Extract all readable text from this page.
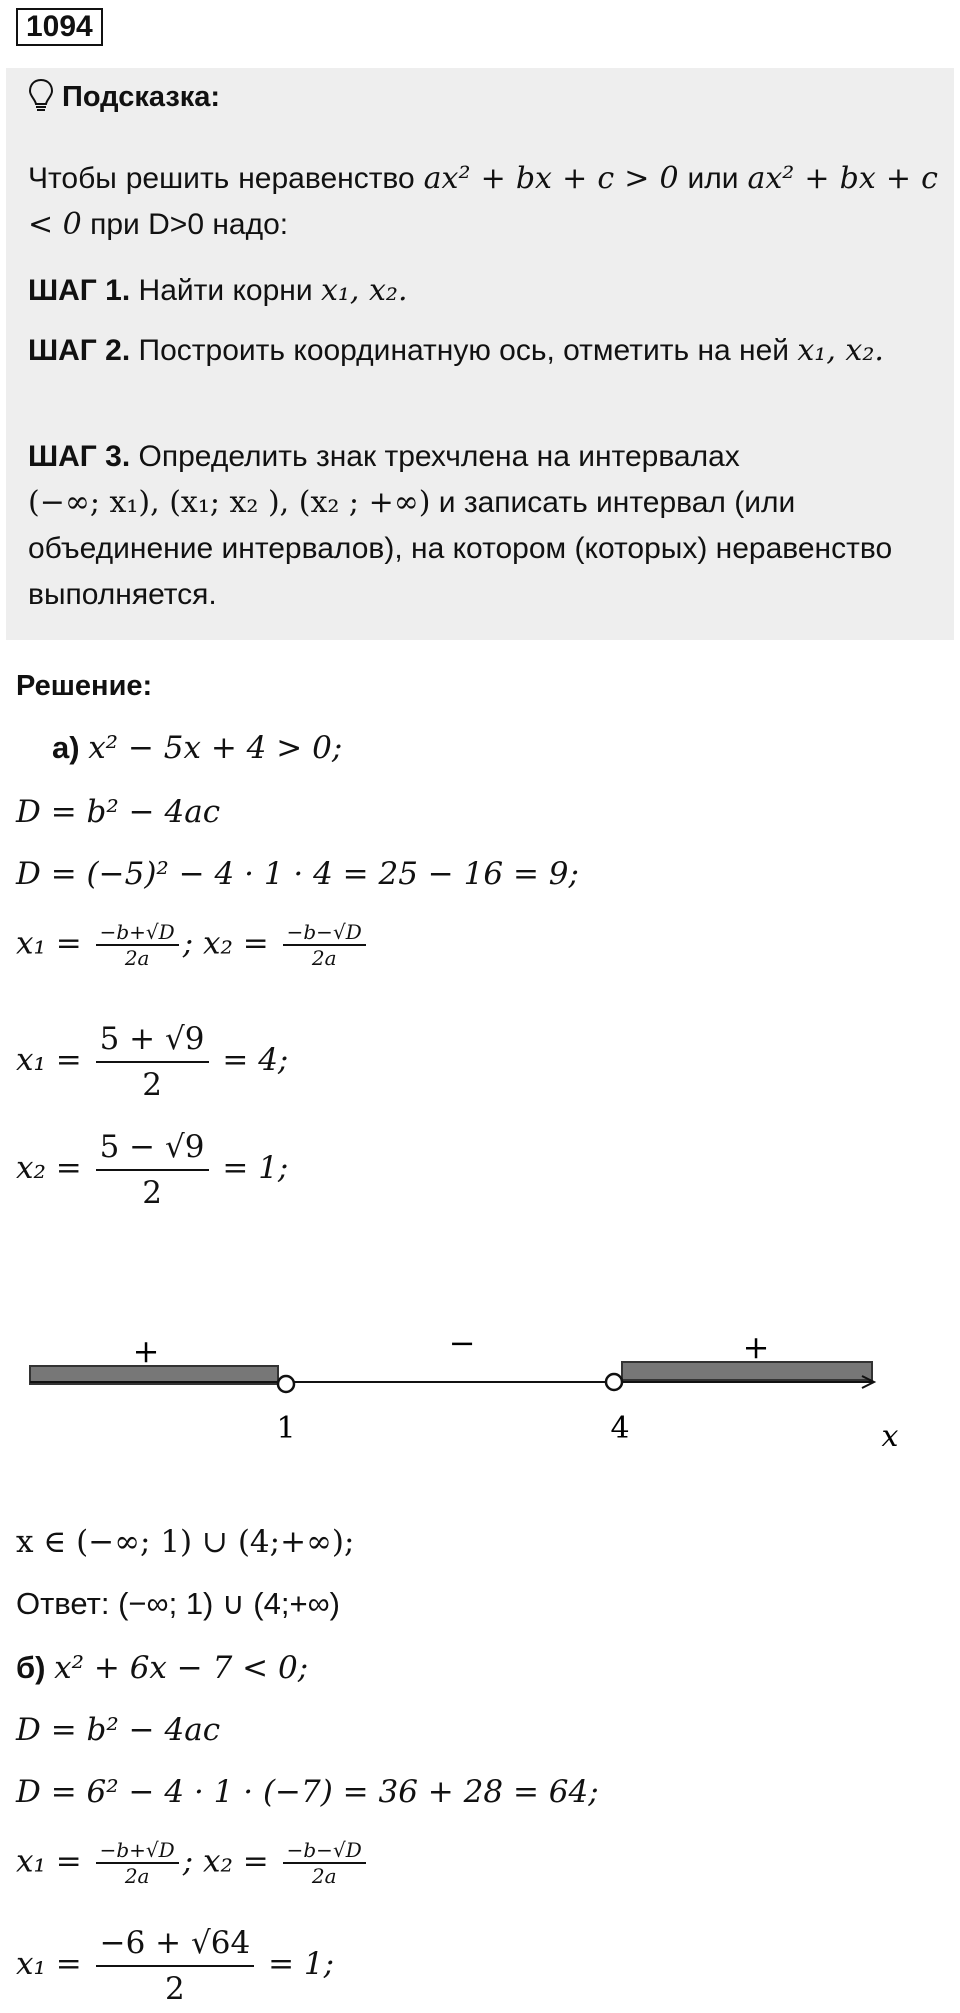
1094
Подсказка:
Чтобы решить неравенство ax² + bx + c > 0 или ax² + bx + c < 0 при D>0 надо:
ШАГ 1. Найти корни x₁, x₂.
ШАГ 2. Построить координатную ось, отметить на ней x₁, x₂.
ШАГ 3. Определить знак трехчлена на интервалах
(−∞; x₁), (x₁; x₂ ), (x₂ ; +∞) и записать интервал (или объединение интервалов), на котором (которых) неравенство выполняется.
Решение:
а) x² − 5x + 4 > 0;
D = b² − 4ac
D = (−5)² − 4 · 1 · 4 = 25 − 16 = 9;
$x_1 = \frac{-b+√D}{2a}$ ; $x_2 = \frac{-b-√D}{2a}$
$x_1 = \frac{5 + √9}{2} = 4$;
$x_2 = \frac{5 - √9}{2} = 1$;
+	−	+
1	4	x
x ∈ (−∞; 1) ∪ (4;+∞);
Ответ: (−∞; 1) ∪ (4;+∞)
б) x² + 6x − 7 < 0;
D = b² − 4ac
D = 6² − 4 · 1 · (−7) = 36 + 28 = 64;
$x_1 = \frac{-b+√D}{2a}$ ; $x_2 = \frac{-b-√D}{2a}$
$x_1 = \frac{-6 + √64}{2} = 1$;
